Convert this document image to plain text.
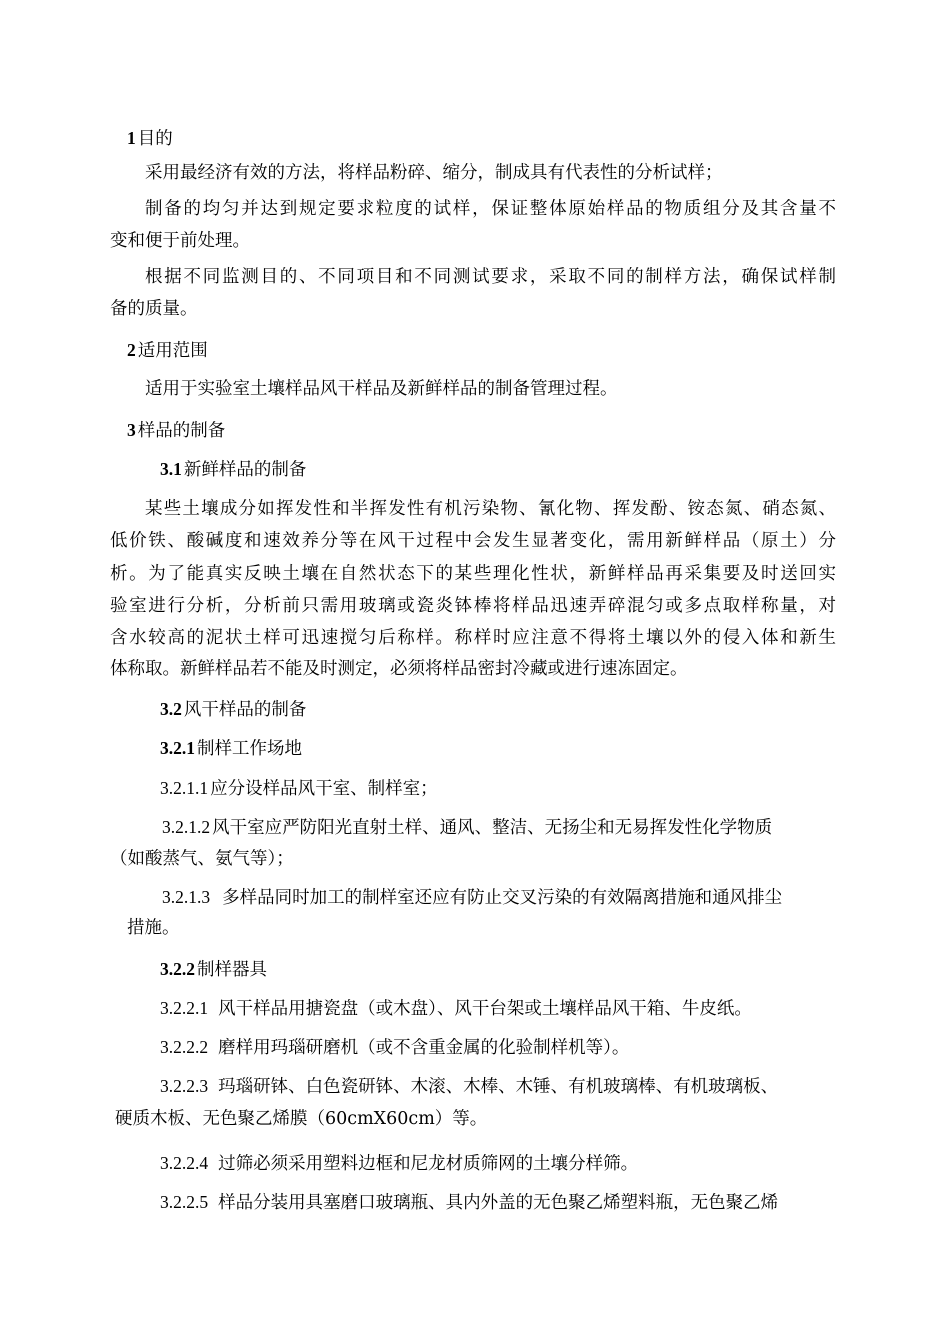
1 目的
采用最经济有效的方法，将样品粉碎、缩分，制成具有代表性的分析试样；
制备的均匀并达到规定要求粒度的试样，保证整体原始样品的物质组分及其含量不
变和便于前处理。
根据不同监测目的、不同项目和不同测试要求，采取不同的制样方法，确保试样制
备的质量。
2 适用范围
适用于实验室土壤样品风干样品及新鲜样品的制备管理过程。
3 样品的制备
3.1 新鲜样品的制备
某些土壤成分如挥发性和半挥发性有机污染物、氰化物、挥发酚、铵态氮、硝态氮、
低价铁、酸碱度和速效养分等在风干过程中会发生显著变化，需用新鲜样品（原土）分
析。为了能真实反映土壤在自然状态下的某些理化性状，新鲜样品再采集要及时送回实
验室进行分析，分析前只需用玻璃或瓷炎钵棒将样品迅速弄碎混匀或多点取样称量，对
含水较高的泥状土样可迅速搅匀后称样。称样时应注意不得将土壤以外的侵入体和新生
体称取。新鲜样品若不能及时测定，必须将样品密封冷藏或进行速冻固定。
3.2 风干样品的制备
3.2.1 制样工作场地
3.2.1.1 应分设样品风干室、制样室；
3.2.1.2 风干室应严防阳光直射土样、通风、整洁、无扬尘和无易挥发性化学物质
（如酸蒸气、氨气等）；
3.2.1.3 多样品同时加工的制样室还应有防止交叉污染的有效隔离措施和通风排尘
措施。
3.2.2 制样器具
3.2.2.1 风干样品用搪瓷盘（或木盘）、风干台架或土壤样品风干箱、牛皮纸。
3.2.2.2 磨样用玛瑙研磨机（或不含重金属的化验制样机等）。
3.2.2.3 玛瑙研钵、白色瓷研钵、木滚、木棒、木锤、有机玻璃棒、有机玻璃板、
硬质木板、无色聚乙烯膜（60cmX60cm）等。
3.2.2.4 过筛必须采用塑料边框和尼龙材质筛网的土壤分样筛。
3.2.2.5 样品分装用具塞磨口玻璃瓶、具内外盖的无色聚乙烯塑料瓶，无色聚乙烯
